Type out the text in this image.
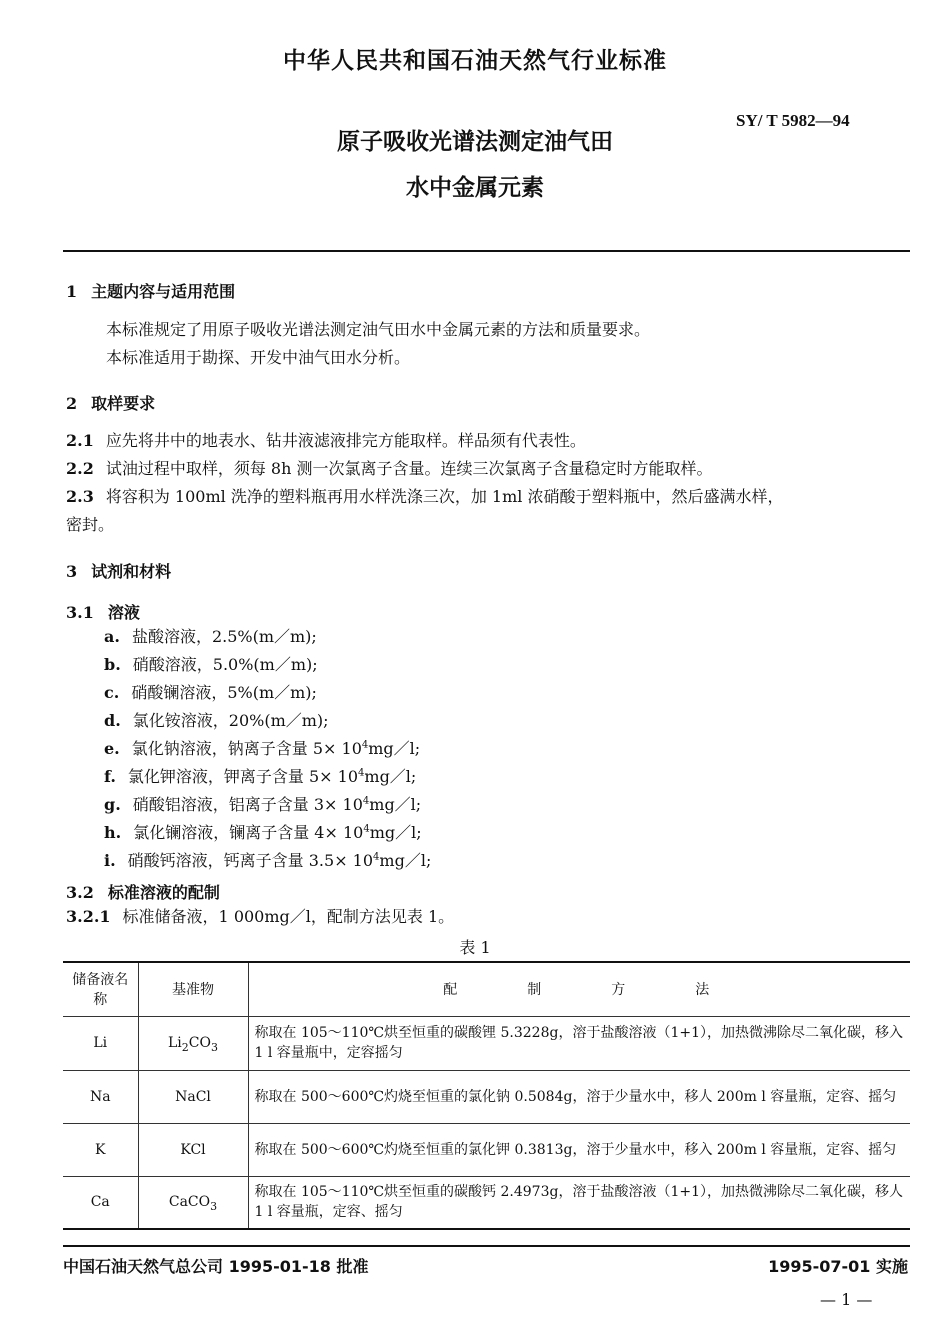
中华人民共和国石油天然气行业标准
SY/ T 5982—94
原子吸收光谱法测定油气田
水中金属元素
1 主题内容与适用范围
本标准规定了用原子吸收光谱法测定油气田水中金属元素的方法和质量要求。
本标准适用于勘探、开发中油气田水分析。
2 取样要求
2.1 应先将井中的地表水、钻井液滤液排完方能取样。样品须有代表性。
2.2 试油过程中取样，须每 8h 测一次氯离子含量。连续三次氯离子含量稳定时方能取样。
2.3 将容积为 100ml 洗净的塑料瓶再用水样洗涤三次，加 1ml 浓硝酸于塑料瓶中，然后盛满水样，
密封。
3 试剂和材料
3.1 溶液
a. 盐酸溶液，2.5%(m／m);
b. 硝酸溶液，5.0%(m／m);
c. 硝酸镧溶液，5%(m／m);
d. 氯化铵溶液，20%(m／m);
e. 氯化钠溶液，钠离子含量 $5\times 10^4mg/l$;
f. 氯化钾溶液，钾离子含量 $5\times 10^4mg/l$;
g. 硝酸铝溶液，铝离子含量 $3\times 10^4mg/l$;
h. 氯化镧溶液，镧离子含量 $4\times 10^4mg/l$;
i. 硝酸钙溶液，钙离子含量 $3.5\times 10^4mg/l$;
3.2 标准溶液的配制
3.2.1 标准储备液，1 000mg／l，配制方法见表 1。
表 1
储备液名称	基准物	配制方法
Li	$Li_2CO_3$	称取在 105～110℃烘至恒重的碳酸锂 5.3228g，溶于盐酸溶液（1+1），加热微沸除尽二氧化碳，移入 1 l 容量瓶中，定容摇匀
Na	NaCl	称取在 500～600℃灼烧至恒重的氯化钠 0.5084g，溶于少量水中，移人 200m l 容量瓶，定容、摇匀
K	KCl	称取在 500～600℃灼烧至恒重的氯化钾 0.3813g，溶于少量水中，移入 200m l 容量瓶，定容、摇匀
Ca	CaCO$_3$	称取在 105～110℃烘至恒重的碳酸钙 2.4973g，溶于盐酸溶液（1+1），加热微沸除尽二氧化碳，移人 1 l 容量瓶，定容、摇匀
中国石油天然气总公司 1995-01-18 批准	1995-07-01 实施
— 1 —
